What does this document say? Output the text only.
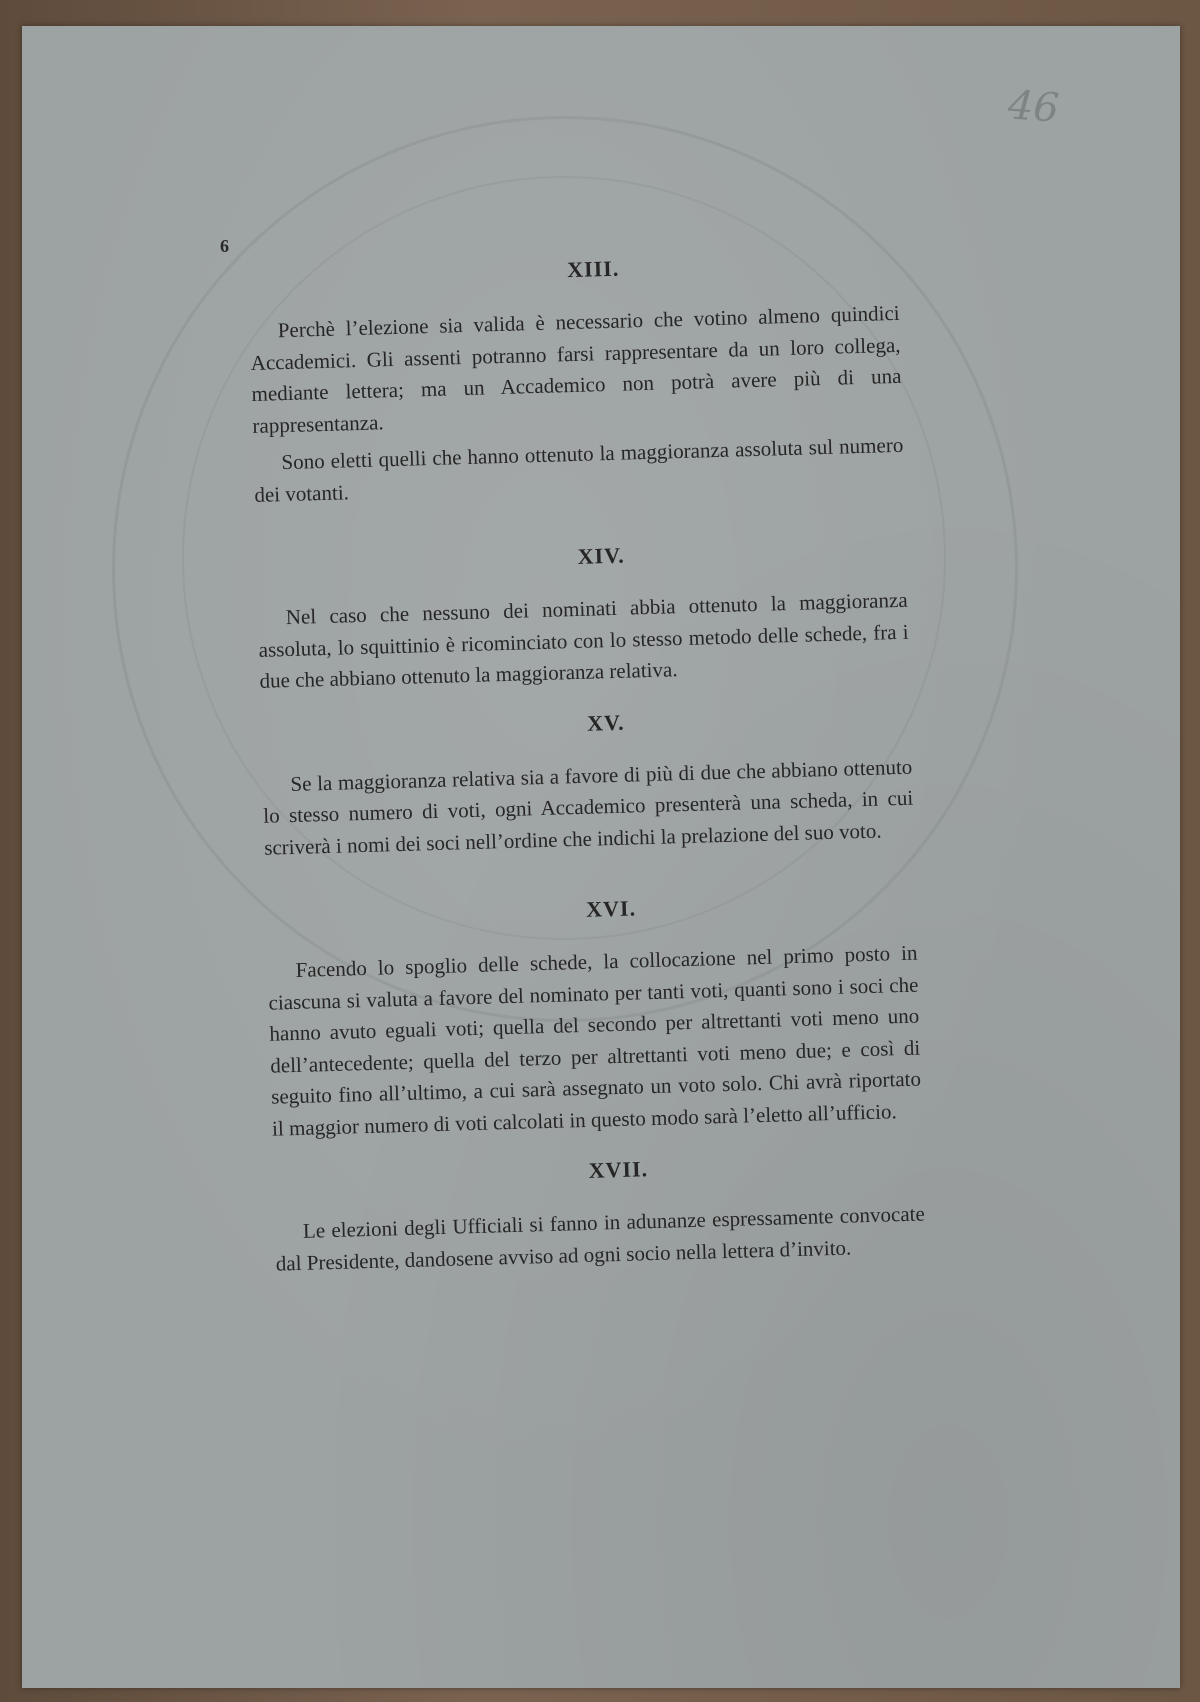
46
6
XIII.

Perchè l’elezione sia valida è necessario che votino almeno quindici Accademici. Gli assenti potranno farsi rappresentare da un loro collega, mediante lettera; ma un Accademico non potrà avere più di una rappresentanza.

Sono eletti quelli che hanno ottenuto la maggioranza assoluta sul numero dei votanti.

XIV.

Nel caso che nessuno dei nominati abbia ottenuto la maggioranza assoluta, lo squittinio è ricominciato con lo stesso metodo delle schede, fra i due che abbiano ottenuto la maggioranza relativa.

XV.

Se la maggioranza relativa sia a favore di più di due che abbiano ottenuto lo stesso numero di voti, ogni Accademico presenterà una scheda, in cui scriverà i nomi dei soci nell’ordine che indichi la prelazione del suo voto.

XVI.

Facendo lo spoglio delle schede, la collocazione nel primo posto in ciascuna si valuta a favore del nominato per tanti voti, quanti sono i soci che hanno avuto eguali voti; quella del secondo per altrettanti voti meno uno dell’antecedente; quella del terzo per altrettanti voti meno due; e così di seguito fino all’ultimo, a cui sarà assegnato un voto solo. Chi avrà riportato il maggior numero di voti calcolati in questo modo sarà l’eletto all’ufficio.

XVII.

Le elezioni degli Ufficiali si fanno in adunanze espressamente convocate dal Presidente, dandosene avviso ad ogni socio nella lettera d’invito.
